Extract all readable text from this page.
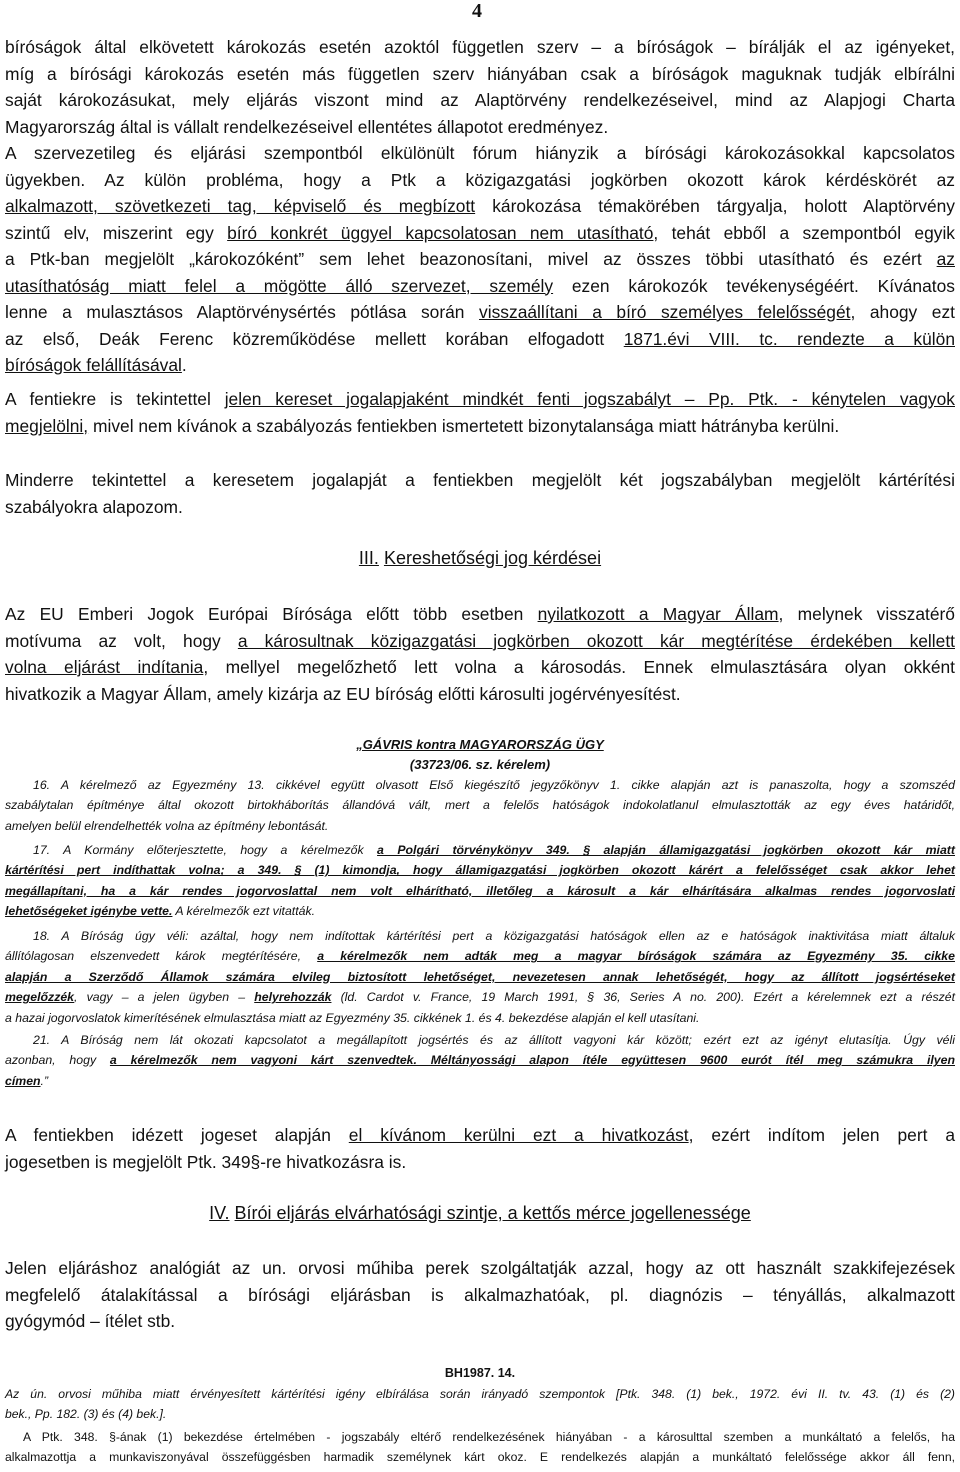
4
bíróságok által elkövetett károkozás esetén azoktól független szerv – a bíróságok – bírálják el az igényeket,
míg a bírósági károkozás esetén más független szerv hiányában csak a bíróságok maguknak tudják elbírálni
saját károkozásukat, mely eljárás viszont mind az Alaptörvény rendelkezéseivel, mind az Alapjogi Charta
Magyarország által is vállalt rendelkezéseivel ellentétes állapotot eredményez.
A szervezetileg és eljárási szempontból elkülönült fórum hiányzik a bírósági károkozásokkal kapcsolatos
ügyekben. Az külön probléma, hogy a Ptk a közigazgatási jogkörben okozott károk kérdéskörét az
alkalmazott, szövetkezeti tag, képviselő és megbízott károkozása témakörében tárgyalja, holott Alaptörvény
szintű elv, miszerint egy bíró konkrét üggyel kapcsolatosan nem utasítható, tehát ebből a szempontból egyik
a Ptk-ban megjelölt „károkozóként” sem lehet beazonosítani, mivel az összes többi utasítható és ezért az
utasíthatóság miatt felel a mögötte álló szervezet, személy ezen károkozók tevékenységéért. Kívánatos
lenne a mulasztásos Alaptörvénysértés pótlása során visszaállítani a bíró személyes felelősségét, ahogy ezt
az első, Deák Ferenc közreműködése mellett korában elfogadott 1871.évi VIII. tc. rendezte a külön
bíróságok felállításával.
A fentiekre is tekintettel jelen kereset jogalapjaként mindkét fenti jogszabályt – Pp. Ptk. - kénytelen vagyok
megjelölni, mivel nem kívánok a szabályozás fentiekben ismertetett bizonytalansága miatt hátrányba kerülni.
Minderre tekintettel a keresetem jogalapját a fentiekben megjelölt két jogszabályban megjelölt kártérítési
szabályokra alapozom.
III. Kereshetőségi jog kérdései
Az EU Emberi Jogok Európai Bírósága előtt több esetben nyilatkozott a Magyar Állam, melynek visszatérő
motívuma az volt, hogy a károsultnak közigazgatási jogkörben okozott kár megtérítése érdekében kellett
volna eljárást indítania, mellyel megelőzhető lett volna a károsodás. Ennek elmulasztására olyan okként
hivatkozik a Magyar Állam, amely kizárja az EU bíróság előtti károsulti jogérvényesítést.
„GÁVRIS kontra MAGYARORSZÁG ÜGY
(33723/06. sz. kérelem)
16. A kérelmező az Egyezmény 13. cikkével együtt olvasott Első kiegészítő jegyzőkönyv 1. cikke alapján azt is panaszolta, hogy a szomszéd
szabálytalan építménye által okozott birtokháborítás állandóvá vált, mert a felelős hatóságok indokolatlanul elmulasztották az egy éves határidőt,
amelyen belül elrendelhették volna az építmény lebontását.
17. A Kormány előterjesztette, hogy a kérelmezők a Polgári törvénykönyv 349. § alapján államigazgatási jogkörben okozott kár miatt
kártérítési pert indíthattak volna; a 349. § (1) kimondja, hogy államigazgatási jogkörben okozott kárért a felelősséget csak akkor lehet
megállapítani, ha a kár rendes jogorvoslattal nem volt elhárítható, illetőleg a károsult a kár elhárítására alkalmas rendes jogorvoslati
lehetőségeket igénybe vette. A kérelmezők ezt vitatták.
18. A Bíróság úgy véli: azáltal, hogy nem indítottak kártérítési pert a közigazgatási hatóságok ellen az e hatóságok inaktivitása miatt általuk
állítólagosan elszenvedett károk megtérítésére, a kérelmezők nem adták meg a magyar bíróságok számára az Egyezmény 35. cikke
alapján a Szerződő Államok számára elvileg biztosított lehetőséget, nevezetesen annak lehetőségét, hogy az állított jogsértéseket
megelőzzék, vagy – a jelen ügyben – helyrehozzák (ld. Cardot v. France, 19 March 1991, § 36, Series A no. 200). Ezért a kérelemnek ezt a részét
a hazai jogorvoslatok kimerítésének elmulasztása miatt az Egyezmény 35. cikkének 1. és 4. bekezdése alapján el kell utasítani.
21. A Bíróság nem lát okozati kapcsolatot a megállapított jogsértés és az állított vagyoni kár között; ezért ezt az igényt elutasítja. Úgy véli
azonban, hogy a kérelmezők nem vagyoni kárt szenvedtek. Méltányossági alapon ítéle együttesen 9600 eurót ítél meg számukra ilyen
címen.”
A fentiekben idézett jogeset alapján el kívánom kerülni ezt a hivatkozást, ezért indítom jelen pert a
jogesetben is megjelölt Ptk. 349§-re hivatkozásra is.
IV. Bírói eljárás elvárhatósági szintje, a kettős mérce jogellenessége
Jelen eljáráshoz analógiát az un. orvosi műhiba perek szolgáltatják azzal, hogy az ott használt szakkifejezések
megfelelő átalakítással a bírósági eljárásban is alkalmazhatóak, pl. diagnózis – tényállás, alkalmazott
gyógymód – ítélet stb.
BH1987. 14.
Az ún. orvosi műhiba miatt érvényesített kártérítési igény elbírálása során irányadó szempontok [Ptk. 348. (1) bek., 1972. évi II. tv. 43. (1) és (2)
bek., Pp. 182. (3) és (4) bek.].
A Ptk. 348. §-ának (1) bekezdése értelmében - jogszabály eltérő rendelkezésének hiányában - a károsulttal szemben a munkáltató a felelős, ha
alkalmazottja a munkaviszonyával összefüggésben harmadik személynek kárt okoz. E rendelkezés alapján a munkáltató felelőssége akkor áll fenn,
